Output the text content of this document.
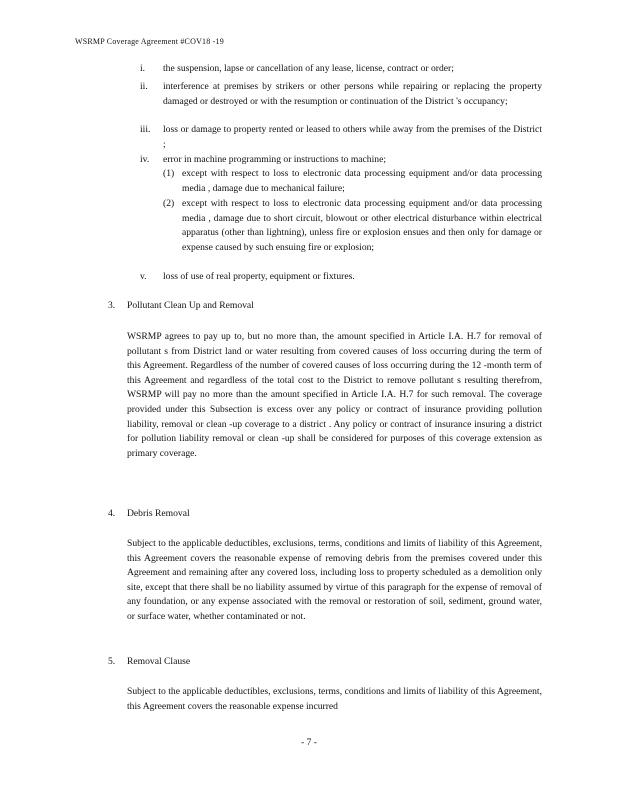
WSRMP Coverage Agreement #COV18 -19
i.	the suspension, lapse or cancellation of any lease, license, contract or order;
ii.	interference at premises by strikers or other persons while repairing or replacing the property damaged or destroyed or with the resumption or continuation of the District 's occupancy;
iii.	loss or damage to property rented or leased to others while away from the premises of the District ;
iv.	error in machine programming or instructions to machine;
(1) except with respect to loss to electronic data processing equipment and/or data processing media , damage due to mechanical failure;
(2) except with respect to loss to electronic data processing equipment and/or data processing media , damage due to short circuit, blowout or other electrical disturbance within electrical apparatus (other than lightning), unless fire or explosion ensues and then only for damage or expense caused by such ensuing fire or explosion;
v.	loss of use of real property, equipment or fixtures.
3. Pollutant Clean Up and Removal
WSRMP agrees to pay up to, but no more than, the amount specified in Article I.A. H.7 for removal of pollutant s from District land or water resulting from covered causes of loss occurring during the term of this Agreement. Regardless of the number of covered causes of loss occurring during the 12 -month term of this Agreement and regardless of the total cost to the District to remove pollutant s resulting therefrom, WSRMP will pay no more than the amount specified in Article I.A. H.7 for such removal. The coverage provided under this Subsection is excess over any policy or contract of insurance providing pollution liability, removal or clean -up coverage to a district . Any policy or contract of insurance insuring a district for pollution liability removal or clean -up shall be considered for purposes of this coverage extension as primary coverage.
4. Debris Removal
Subject to the applicable deductibles, exclusions, terms, conditions and limits of liability of this Agreement, this Agreement covers the reasonable expense of removing debris from the premises covered under this Agreement and remaining after any covered loss, including loss to property scheduled as a demolition only site, except that there shall be no liability assumed by virtue of this paragraph for the expense of removal of any foundation, or any expense associated with the removal or restoration of soil, sediment, ground water, or surface water, whether contaminated or not.
5. Removal Clause
Subject to the applicable deductibles, exclusions, terms, conditions and limits of liability of this Agreement, this Agreement covers the reasonable expense incurred
- 7 -
